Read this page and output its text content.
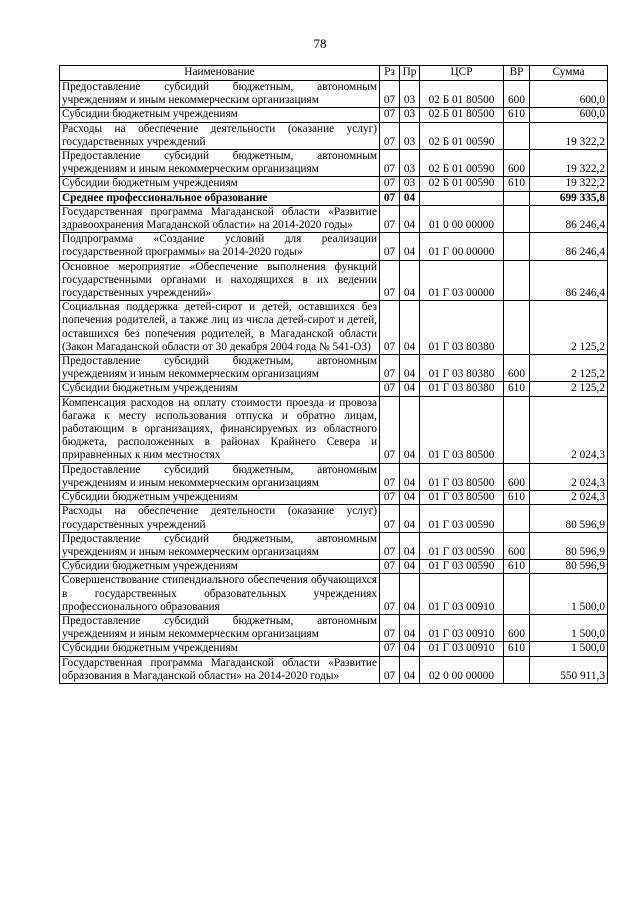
78
Наименование	Рз	Пр	ЦСР	ВР	Сумма
Предоставление субсидий бюджетным, автономным учреждениям и иным некоммерческим организациям	07	03	02 Б 01 80500	600	600,0
Субсидии бюджетным учреждениям	07	03	02 Б 01 80500	610	600,0
Расходы на обеспечение деятельности (оказание услуг) государственных учреждений	07	03	02 Б 01 00590		19 322,2
Предоставление субсидий бюджетным, автономным учреждениям и иным некоммерческим организациям	07	03	02 Б 01 00590	600	19 322,2
Субсидии бюджетным учреждениям	07	03	02 Б 01 00590	610	19 322,2
Среднее профессиональное образование	07	04			699 335,8
Государственная программа Магаданской области «Развитие здравоохранения Магаданской области» на 2014-2020 годы»	07	04	01 0 00 00000		86 246,4
Подпрограмма «Создание условий для реализации государственной программы» на 2014-2020 годы»	07	04	01 Г 00 00000		86 246,4
Основное мероприятие «Обеспечение выполнения функций государственными органами и находящихся в их ведении государственных учреждений»	07	04	01 Г 03 00000		86 246,4
Социальная поддержка детей-сирот и детей, оставшихся без попечения родителей, а также лиц из числа детей-сирот и детей, оставшихся без попечения родителей, в Магаданской области (Закон Магаданской области от 30 декабря 2004 года № 541-ОЗ)	07	04	01 Г 03 80380		2 125,2
Предоставление субсидий бюджетным, автономным учреждениям и иным некоммерческим организациям	07	04	01 Г 03 80380	600	2 125,2
Субсидии бюджетным учреждениям	07	04	01 Г 03 80380	610	2 125,2
Компенсация расходов на оплату стоимости проезда и провоза багажа к месту использования отпуска и обратно лицам, работающим в организациях, финансируемых из областного бюджета, расположенных в районах Крайнего Севера и приравненных к ним местностях	07	04	01 Г 03 80500		2 024,3
Предоставление субсидий бюджетным, автономным учреждениям и иным некоммерческим организациям	07	04	01 Г 03 80500	600	2 024,3
Субсидии бюджетным учреждениям	07	04	01 Г 03 80500	610	2 024,3
Расходы на обеспечение деятельности (оказание услуг) государственных учреждений	07	04	01 Г 03 00590		80 596,9
Предоставление субсидий бюджетным, автономным учреждениям и иным некоммерческим организациям	07	04	01 Г 03 00590	600	80 596,9
Субсидии бюджетным учреждениям	07	04	01 Г 03 00590	610	80 596,9
Совершенствование стипендиального обеспечения обучающихся в государственных образовательных учреждениях профессионального образования	07	04	01 Г 03 00910		1 500,0
Предоставление субсидий бюджетным, автономным учреждениям и иным некоммерческим организациям	07	04	01 Г 03 00910	600	1 500,0
Субсидии бюджетным учреждениям	07	04	01 Г 03 00910	610	1 500,0
Государственная программа Магаданской области «Развитие образования в Магаданской области» на 2014-2020 годы»	07	04	02 0 00 00000		550 911,3
